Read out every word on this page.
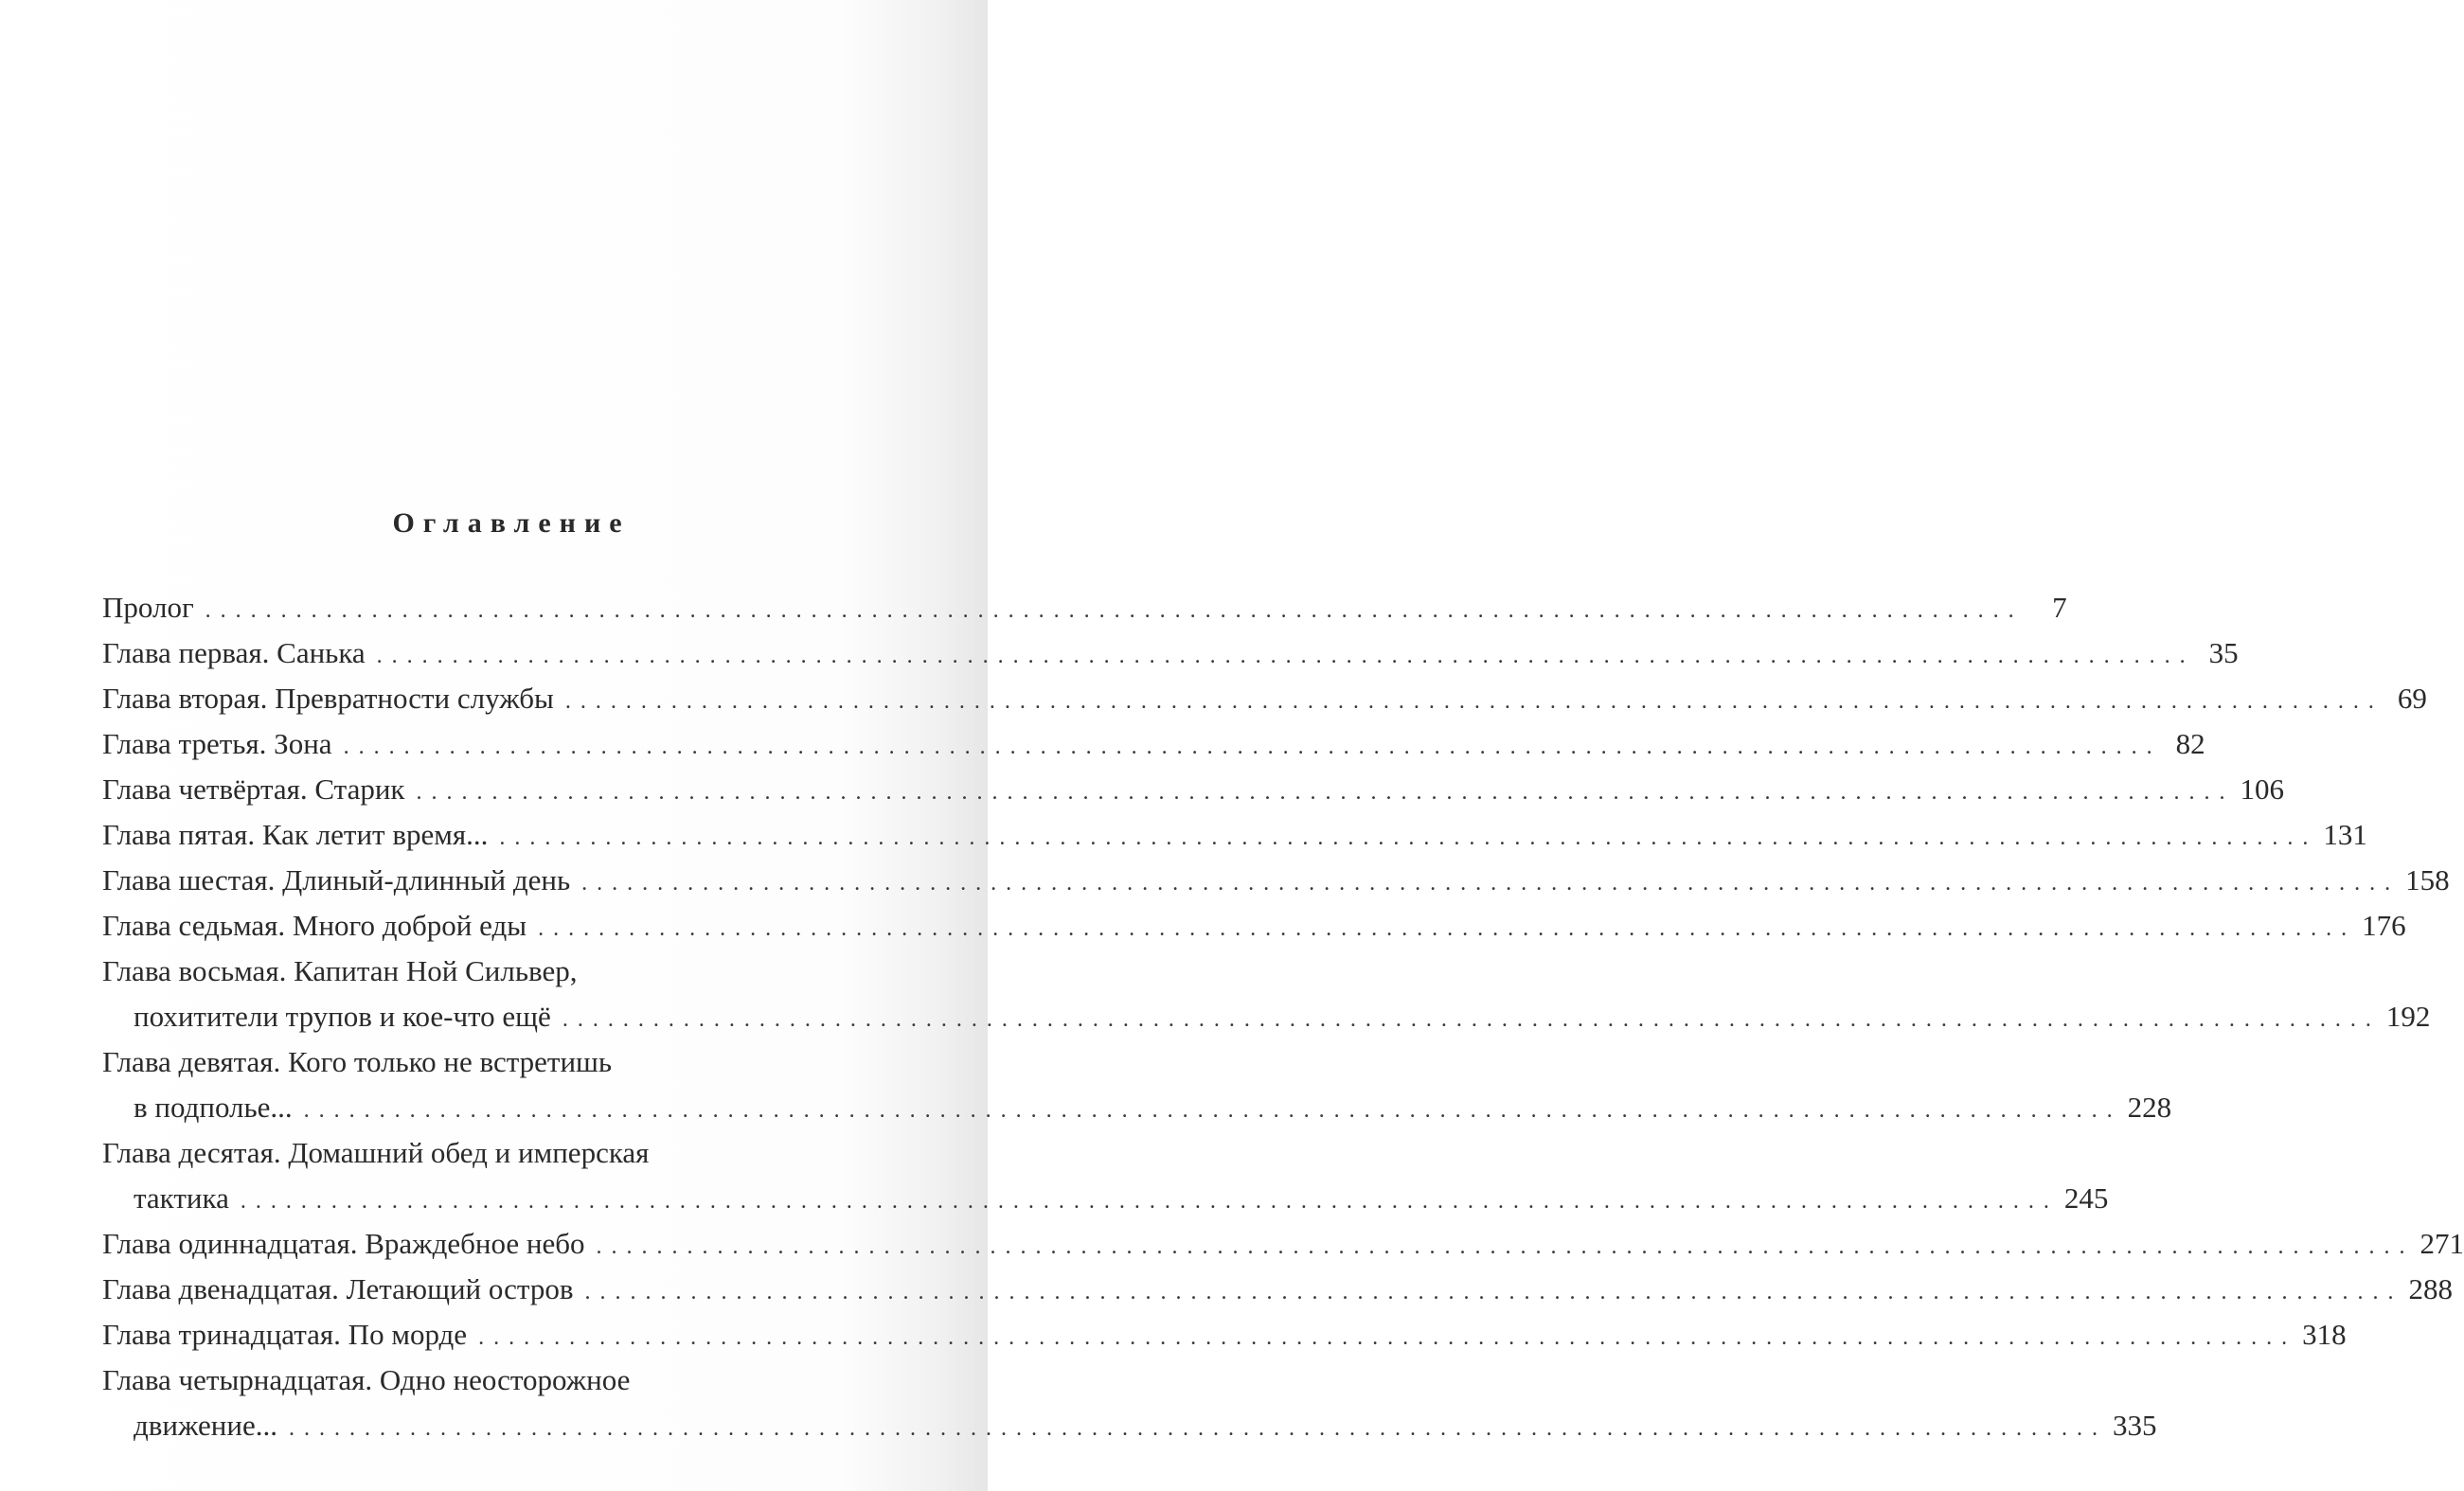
Оглавление
Пролог . . . . . . . . . . . . . . . . . . . . . . . . . . . . . . . . . . . . . . . . . . . . . . . . . . . . . . . . . . . . . . . . . . . . . . . . . . . . . . . . . . . . . . . . . . . . . . . . . . . . . . . . . . . . . . . . . . . . . . . .	7
Глава первая. Санька . . . . . . . . . . . . . . . . . . . . . . . . . . . . . . . . . . . . . . . . . . . . . . . . . . . . . . . . . . . . . . . . . . . . . . . . . . . . . . . . . . . . . . . . . . . . . . . . . . . . . . . . . . . . . . . . . . . . . . . . 35
Глава вторая. Превратности службы . . . . . . . . . . . . . . . . . . . . . . . . . . . . . . . . . . . . . . . . . . . . . . . . . . . . . . . . . . . . . . . . . . . . . . . . . . . . . . . . . . . . . . . . . . . . . . . . . . . . . . . . . . . . . . . . . . . . . . . . 69
Глава третья. Зона . . . . . . . . . . . . . . . . . . . . . . . . . . . . . . . . . . . . . . . . . . . . . . . . . . . . . . . . . . . . . . . . . . . . . . . . . . . . . . . . . . . . . . . . . . . . . . . . . . . . . . . . . . . . . . . . . . . . . . . . 82
Глава четвёртая. Старик . . . . . . . . . . . . . . . . . . . . . . . . . . . . . . . . . . . . . . . . . . . . . . . . . . . . . . . . . . . . . . . . . . . . . . . . . . . . . . . . . . . . . . . . . . . . . . . . . . . . . . . . . . . . . . . . . . . . . . . . 106
Глава пятая. Как летит время... . . . . . . . . . . . . . . . . . . . . . . . . . . . . . . . . . . . . . . . . . . . . . . . . . . . . . . . . . . . . . . . . . . . . . . . . . . . . . . . . . . . . . . . . . . . . . . . . . . . . . . . . . . . . . . . . . . . . . . . . 131
Глава шестая. Длиный-длинный день . . . . . . . . . . . . . . . . . . . . . . . . . . . . . . . . . . . . . . . . . . . . . . . . . . . . . . . . . . . . . . . . . . . . . . . . . . . . . . . . . . . . . . . . . . . . . . . . . . . . . . . . . . . . . . . . . . . . . . . . 158
Глава седьмая. Много доброй еды . . . . . . . . . . . . . . . . . . . . . . . . . . . . . . . . . . . . . . . . . . . . . . . . . . . . . . . . . . . . . . . . . . . . . . . . . . . . . . . . . . . . . . . . . . . . . . . . . . . . . . . . . . . . . . . . . . . . . . . . 176
Глава восьмая. Капитан Ной Сильвер,
похитители трупов и кое-что ещё . . . . . . . . . . . . . . . . . . . . . . . . . . . . . . . . . . . . . . . . . . . . . . . . . . . . . . . . . . . . . . . . . . . . . . . . . . . . . . . . . . . . . . . . . . . . . . . . . . . . . . . . . . . . . . . . . . . . . . . . 192
Глава девятая. Кого только не встретишь
в подполье... . . . . . . . . . . . . . . . . . . . . . . . . . . . . . . . . . . . . . . . . . . . . . . . . . . . . . . . . . . . . . . . . . . . . . . . . . . . . . . . . . . . . . . . . . . . . . . . . . . . . . . . . . . . . . . . . . . . . . . . . 228
Глава десятая. Домашний обед и имперская
тактика . . . . . . . . . . . . . . . . . . . . . . . . . . . . . . . . . . . . . . . . . . . . . . . . . . . . . . . . . . . . . . . . . . . . . . . . . . . . . . . . . . . . . . . . . . . . . . . . . . . . . . . . . . . . . . . . . . . . . . . . 245
Глава одиннадцатая. Враждебное небо . . . . . . . . . . . . . . . . . . . . . . . . . . . . . . . . . . . . . . . . . . . . . . . . . . . . . . . . . . . . . . . . . . . . . . . . . . . . . . . . . . . . . . . . . . . . . . . . . . . . . . . . . . . . . . . . . . . . . . . . 271
Глава двенадцатая. Летающий остров . . . . . . . . . . . . . . . . . . . . . . . . . . . . . . . . . . . . . . . . . . . . . . . . . . . . . . . . . . . . . . . . . . . . . . . . . . . . . . . . . . . . . . . . . . . . . . . . . . . . . . . . . . . . . . . . . . . . . . . . 288
Глава тринадцатая. По морде . . . . . . . . . . . . . . . . . . . . . . . . . . . . . . . . . . . . . . . . . . . . . . . . . . . . . . . . . . . . . . . . . . . . . . . . . . . . . . . . . . . . . . . . . . . . . . . . . . . . . . . . . . . . . . . . . . . . . . . . 318
Глава четырнадцатая. Одно неосторожное
движение... . . . . . . . . . . . . . . . . . . . . . . . . . . . . . . . . . . . . . . . . . . . . . . . . . . . . . . . . . . . . . . . . . . . . . . . . . . . . . . . . . . . . . . . . . . . . . . . . . . . . . . . . . . . . . . . . . . . . . . . . 335
